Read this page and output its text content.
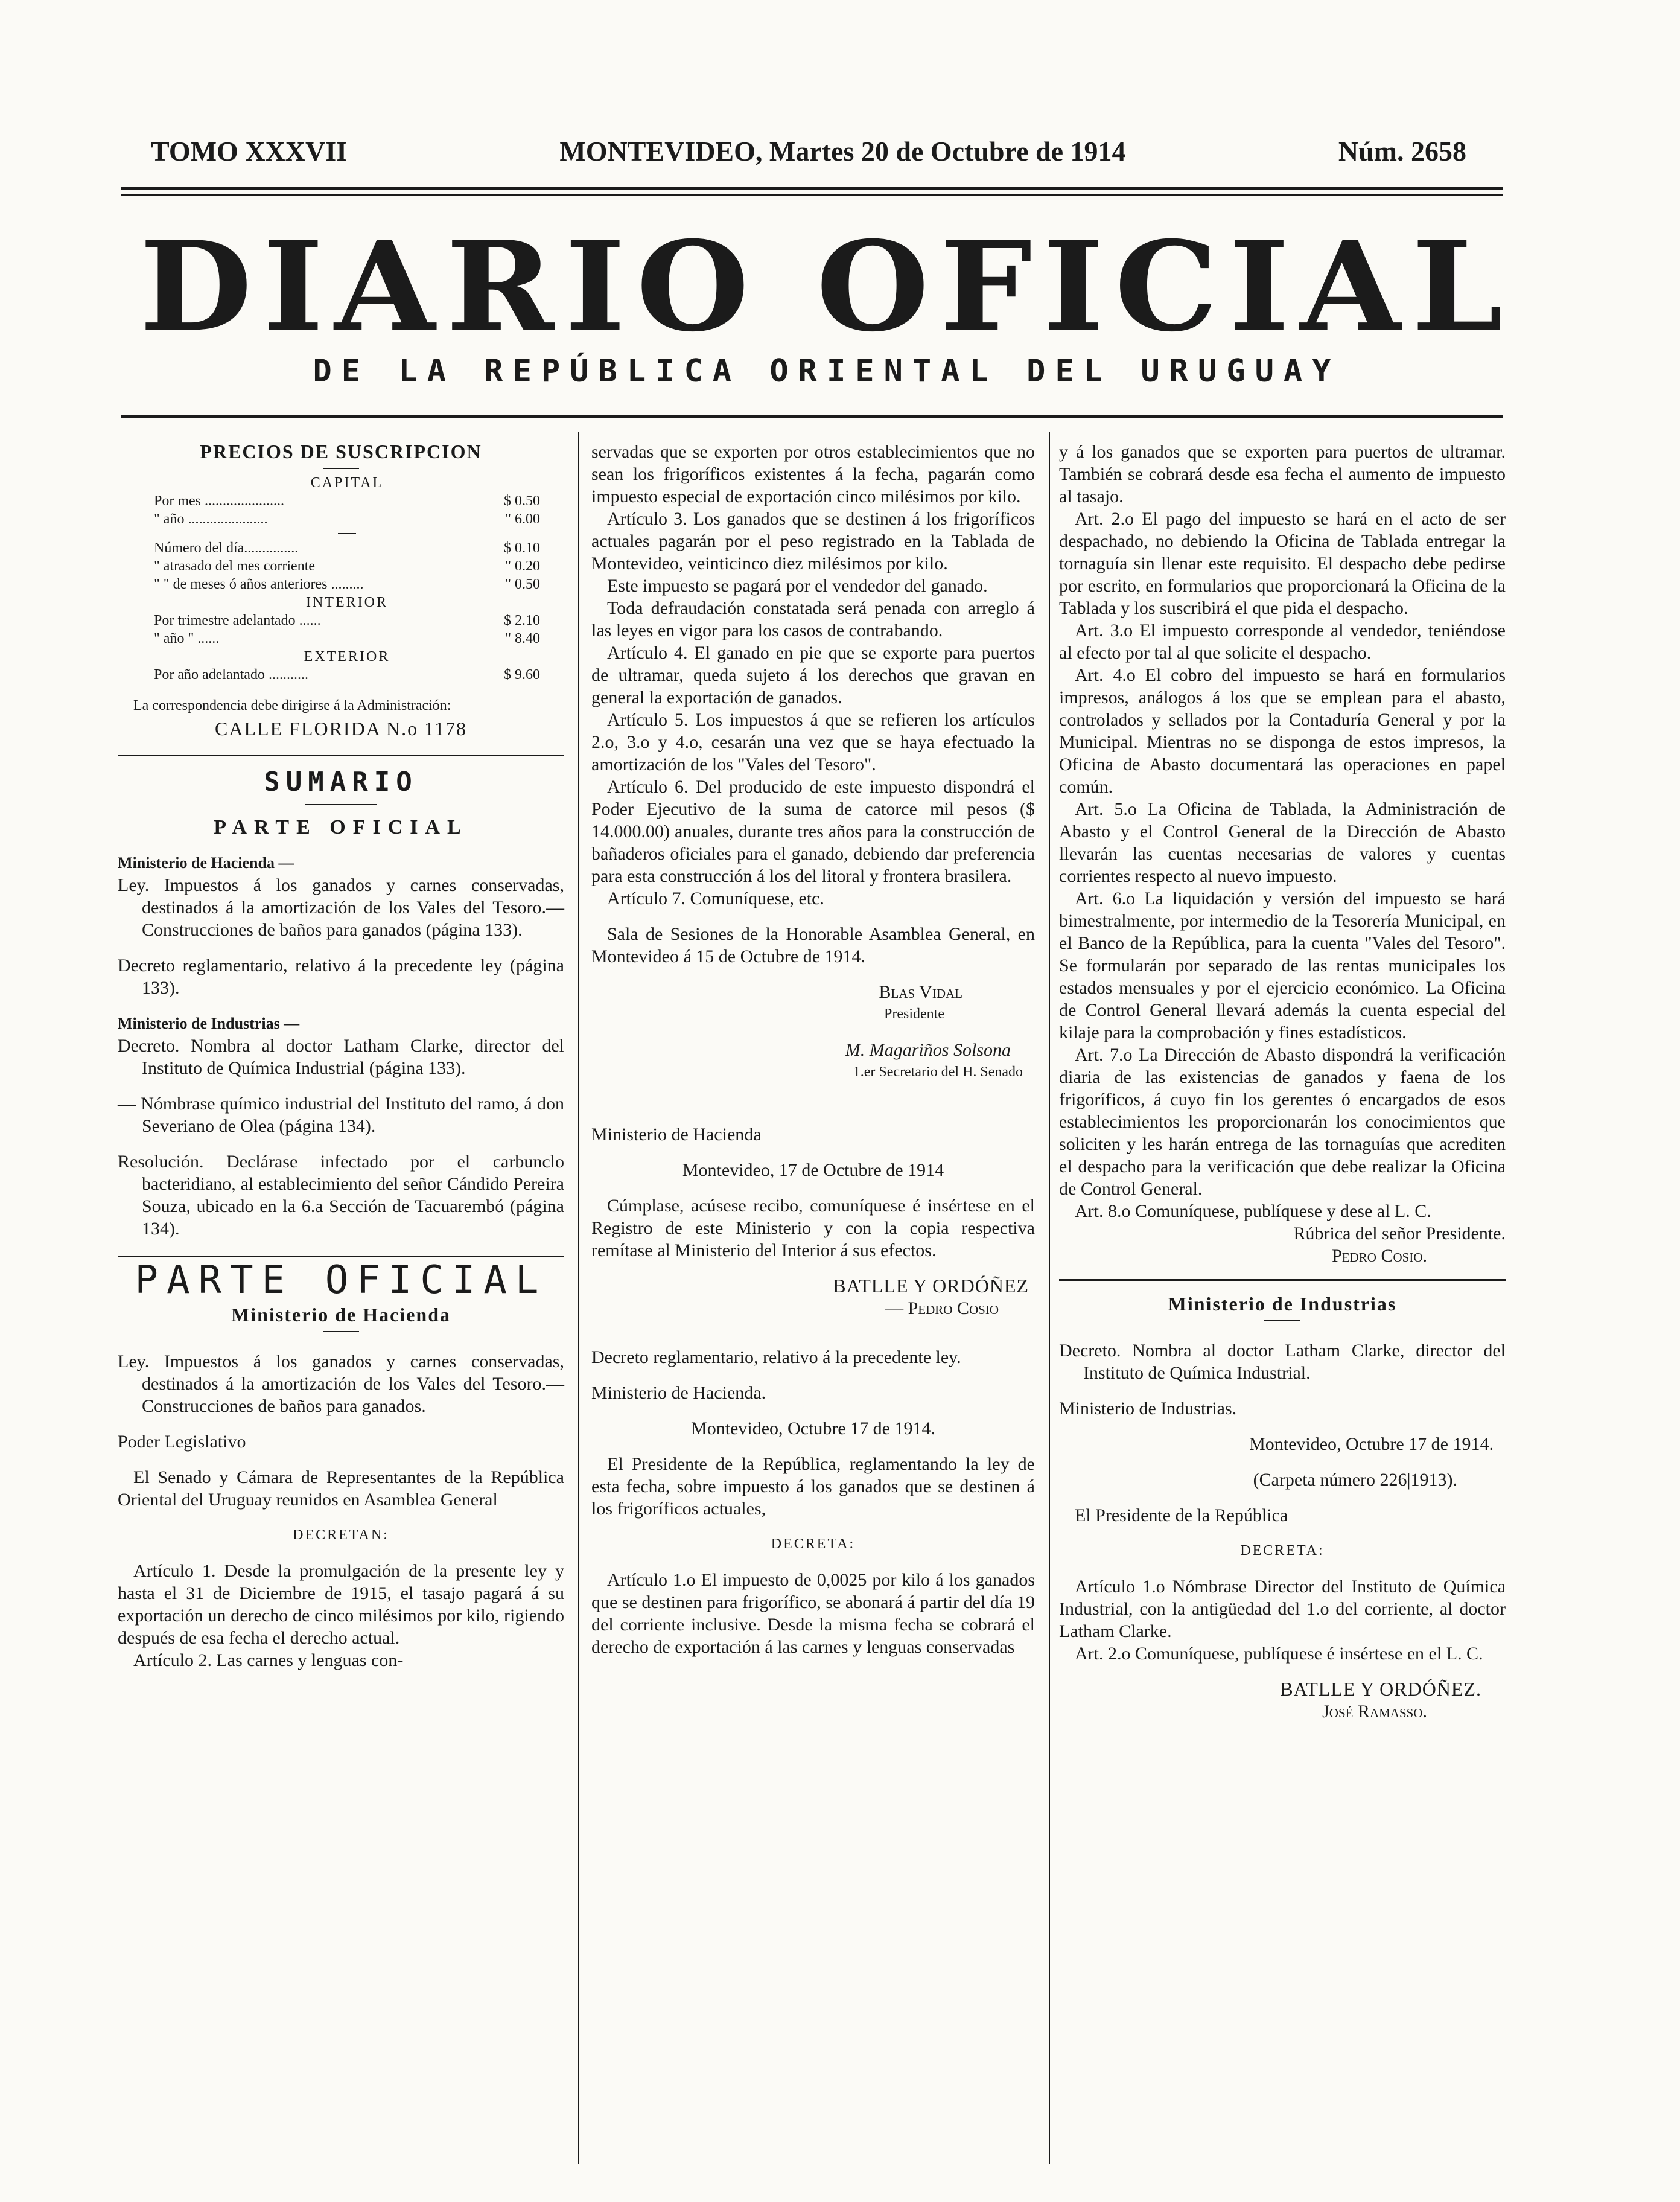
TOMO XXXVII	MONTEVIDEO, Martes 20 de Octubre de 1914	Núm. 2658
DIARIO OFICIAL
DE LA REPÚBLICA ORIENTAL DEL URUGUAY
PRECIOS DE SUSCRIPCION
CAPITAL
Por mes ......................	$ 0.50
" año ......................	" 6.00
Número del día...............	$ 0.10
" atrasado del mes corriente	" 0.20
" " de meses ó años anteriores .........	" 0.50
INTERIOR
Por trimestre adelantado ......	$ 2.10
" año " ......	" 8.40
EXTERIOR
Por año adelantado ...........	$ 9.60

La correspondencia debe dirigirse á la Administración:

CALLE FLORIDA N.o 1178

SUMARIO
PARTE OFICIAL

Ministerio de Hacienda —

Ley. Impuestos á los ganados y carnes conservadas, destinados á la amortización de los Vales del Tesoro.—Construcciones de baños para ganados (página 133).

Decreto reglamentario, relativo á la precedente ley (página 133).

Ministerio de Industrias —

Decreto. Nombra al doctor Latham Clarke, director del Instituto de Química Industrial (página 133).

— Nómbrase químico industrial del Instituto del ramo, á don Severiano de Olea (página 134).

Resolución. Declárase infectado por el carbunclo bacteridiano, al establecimiento del señor Cándido Pereira Souza, ubicado en la 6.a Sección de Tacuarembó (página 134).

PARTE OFICIAL
Ministerio de Hacienda

Ley. Impuestos á los ganados y carnes conservadas, destinados á la amortización de los Vales del Tesoro.—Construcciones de baños para ganados.

Poder Legislativo

El Senado y Cámara de Representantes de la República Oriental del Uruguay reunidos en Asamblea General

DECRETAN:

Artículo 1. Desde la promulgación de la presente ley y hasta el 31 de Diciembre de 1915, el tasajo pagará á su exportación un derecho de cinco milésimos por kilo, rigiendo después de esa fecha el derecho actual.

Artículo 2. Las carnes y lenguas con-

servadas que se exporten por otros establecimientos que no sean los frigoríficos existentes á la fecha, pagarán como impuesto especial de exportación cinco milésimos por kilo.

Artículo 3. Los ganados que se destinen á los frigoríficos actuales pagarán por el peso registrado en la Tablada de Montevideo, veinticinco diez milésimos por kilo.

Este impuesto se pagará por el vendedor del ganado.

Toda defraudación constatada será penada con arreglo á las leyes en vigor para los casos de contrabando.

Artículo 4. El ganado en pie que se exporte para puertos de ultramar, queda sujeto á los derechos que gravan en general la exportación de ganados.

Artículo 5. Los impuestos á que se refieren los artículos 2.o, 3.o y 4.o, cesarán una vez que se haya efectuado la amortización de los "Vales del Tesoro".

Artículo 6. Del producido de este impuesto dispondrá el Poder Ejecutivo de la suma de catorce mil pesos ($ 14.000.00) anuales, durante tres años para la construcción de bañaderos oficiales para el ganado, debiendo dar preferencia para esta construcción á los del litoral y frontera brasilera.

Artículo 7. Comuníquese, etc.

Sala de Sesiones de la Honorable Asamblea General, en Montevideo á 15 de Octubre de 1914.

Blas Vidal

Presidente

M. Magariños Solsona

1.er Secretario del H. Senado

Ministerio de Hacienda

Montevideo, 17 de Octubre de 1914

Cúmplase, acúsese recibo, comuníquese é insértese en el Registro de este Ministerio y con la copia respectiva remítase al Ministerio del Interior á sus efectos.

BATLLE Y ORDÓÑEZ

— Pedro Cosio

Decreto reglamentario, relativo á la precedente ley.

Ministerio de Hacienda.

Montevideo, Octubre 17 de 1914.

El Presidente de la República, reglamentando la ley de esta fecha, sobre impuesto á los ganados que se destinen á los frigoríficos actuales,

DECRETA:

Artículo 1.o El impuesto de 0,0025 por kilo á los ganados que se destinen para frigorífico, se abonará á partir del día 19 del corriente inclusive. Desde la misma fecha se cobrará el derecho de exportación á las carnes y lenguas conservadas

y á los ganados que se exporten para puertos de ultramar. También se cobrará desde esa fecha el aumento de impuesto al tasajo.

Art. 2.o El pago del impuesto se hará en el acto de ser despachado, no debiendo la Oficina de Tablada entregar la tornaguía sin llenar este requisito. El despacho debe pedirse por escrito, en formularios que proporcionará la Oficina de la Tablada y los suscribirá el que pida el despacho.

Art. 3.o El impuesto corresponde al vendedor, teniéndose al efecto por tal al que solicite el despacho.

Art. 4.o El cobro del impuesto se hará en formularios impresos, análogos á los que se emplean para el abasto, controlados y sellados por la Contaduría General y por la Municipal. Mientras no se disponga de estos impresos, la Oficina de Abasto documentará las operaciones en papel común.

Art. 5.o La Oficina de Tablada, la Administración de Abasto y el Control General de la Dirección de Abasto llevarán las cuentas necesarias de valores y cuentas corrientes respecto al nuevo impuesto.

Art. 6.o La liquidación y versión del impuesto se hará bimestralmente, por intermedio de la Tesorería Municipal, en el Banco de la República, para la cuenta "Vales del Tesoro". Se formularán por separado de las rentas municipales los estados mensuales y por el ejercicio económico. La Oficina de Control General llevará además la cuenta especial del kilaje para la comprobación y fines estadísticos.

Art. 7.o La Dirección de Abasto dispondrá la verificación diaria de las existencias de ganados y faena de los frigoríficos, á cuyo fin los gerentes ó encargados de esos establecimientos les proporcionarán los conocimientos que soliciten y les harán entrega de las tornaguías que acrediten el despacho para la verificación que debe realizar la Oficina de Control General.

Art. 8.o Comuníquese, publíquese y dese al L. C.

Rúbrica del señor Presidente.

Pedro Cosio.

Ministerio de Industrias

Decreto. Nombra al doctor Latham Clarke, director del Instituto de Química Industrial.

Ministerio de Industrias.

Montevideo, Octubre 17 de 1914.

(Carpeta número 226|1913).

El Presidente de la República

DECRETA:

Artículo 1.o Nómbrase Director del Instituto de Química Industrial, con la antigüedad del 1.o del corriente, al doctor Latham Clarke.

Art. 2.o Comuníquese, publíquese é insértese en el L. C.

BATLLE Y ORDÓÑEZ.

José Ramasso.
